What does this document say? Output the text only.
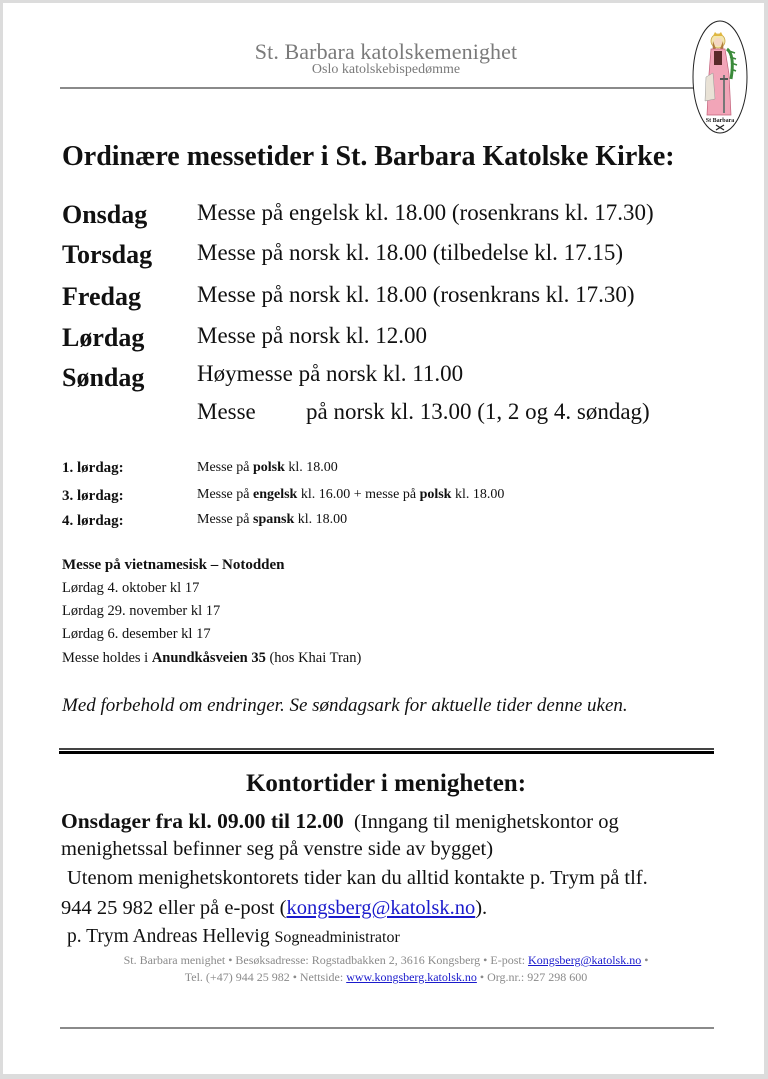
St. Barbara katolskemenighet
Oslo katolskebispedømme
St Barbara
Ordinære messetider i St. Barbara Katolske Kirke:
Onsdag Messe på engelsk kl. 18.00 (rosenkrans kl. 17.30)
Torsdag Messe på norsk kl. 18.00 (tilbedelse kl. 17.15)
Fredag Messe på norsk kl. 18.00 (rosenkrans kl. 17.30)
Lørdag Messe på norsk kl. 12.00
Søndag Høymesse på norsk kl. 11.00
Messe på norsk kl. 13.00 (1, 2 og 4. søndag)
1. lørdag:	Messe på polsk kl. 18.00
3. lørdag:	Messe på engelsk kl. 16.00 + messe på polsk kl. 18.00
4. lørdag:	Messe på spansk kl. 18.00
Messe på vietnamesisk – Notodden
Lørdag 4. oktober kl 17
Lørdag 29. november kl 17
Lørdag 6. desember kl 17
Messe holdes i Anundkåsveien 35 (hos Khai Tran)
Med forbehold om endringer. Se søndagsark for aktuelle tider denne uken.
Kontortider i menigheten:
Onsdager fra kl. 09.00 til 12.00 (Inngang til menighetskontor og
menighetssal befinner seg på venstre side av bygget)
Utenom menighetskontorets tider kan du alltid kontakte p. Trym på tlf.
944 25 982 eller på e-post (kongsberg@katolsk.no).
p. Trym Andreas Hellevig Sogneadministrator
St. Barbara menighet • Besøksadresse: Rogstadbakken 2, 3616 Kongsberg • E-post: Kongsberg@katolsk.no •
Tel. (+47) 944 25 982 • Nettside: www.kongsberg.katolsk.no • Org.nr.: 927 298 600
